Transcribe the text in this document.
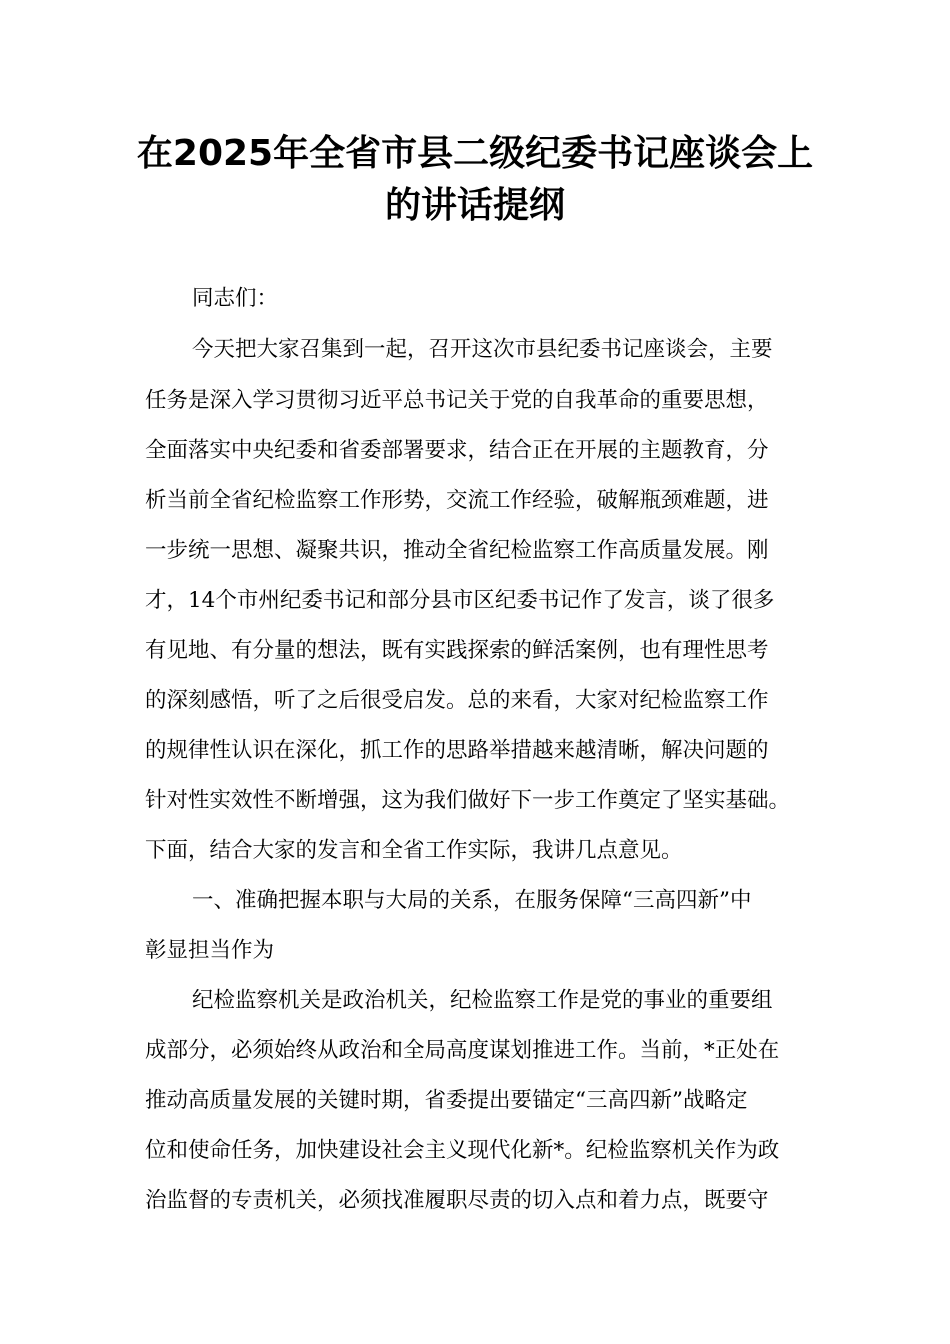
在2025年全省市县二级纪委书记座谈会上
的讲话提纲

同志们：

今天把大家召集到一起，召开这次市县纪委书记座谈会，主要

任务是深入学习贯彻习近平总书记关于党的自我革命的重要思想，

全面落实中央纪委和省委部署要求，结合正在开展的主题教育，分

析当前全省纪检监察工作形势，交流工作经验，破解瓶颈难题，进

一步统一思想、凝聚共识，推动全省纪检监察工作高质量发展。刚

才，14个市州纪委书记和部分县市区纪委书记作了发言，谈了很多

有见地、有分量的想法，既有实践探索的鲜活案例，也有理性思考

的深刻感悟，听了之后很受启发。总的来看，大家对纪检监察工作

的规律性认识在深化，抓工作的思路举措越来越清晰，解决问题的

针对性实效性不断增强，这为我们做好下一步工作奠定了坚实基础。

下面，结合大家的发言和全省工作实际，我讲几点意见。

一、准确把握本职与大局的关系，在服务保障“三高四新”中

彰显担当作为

纪检监察机关是政治机关，纪检监察工作是党的事业的重要组

成部分，必须始终从政治和全局高度谋划推进工作。当前，*正处在

推动高质量发展的关键时期，省委提出要锚定“三高四新”战略定

位和使命任务，加快建设社会主义现代化新*。纪检监察机关作为政

治监督的专责机关，必须找准履职尽责的切入点和着力点，既要守
